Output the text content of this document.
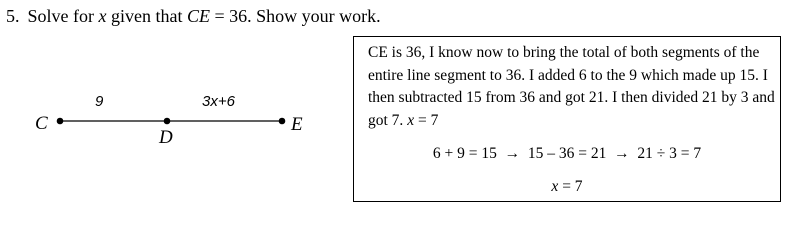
5. Solve for x given that CE = 36. Show your work.
9	3x+6
C
D
E
CE is 36, I know now to bring the total of both segments of the entire line segment to 36. I added 6 to the 9 which made up 15. I then subtracted 15 from 36 and got 21. I then divided 21 by 3 and got 7. x = 7
6 + 9 = 15  →  15 – 36 = 21  →  21 ÷ 3 = 7
x = 7
